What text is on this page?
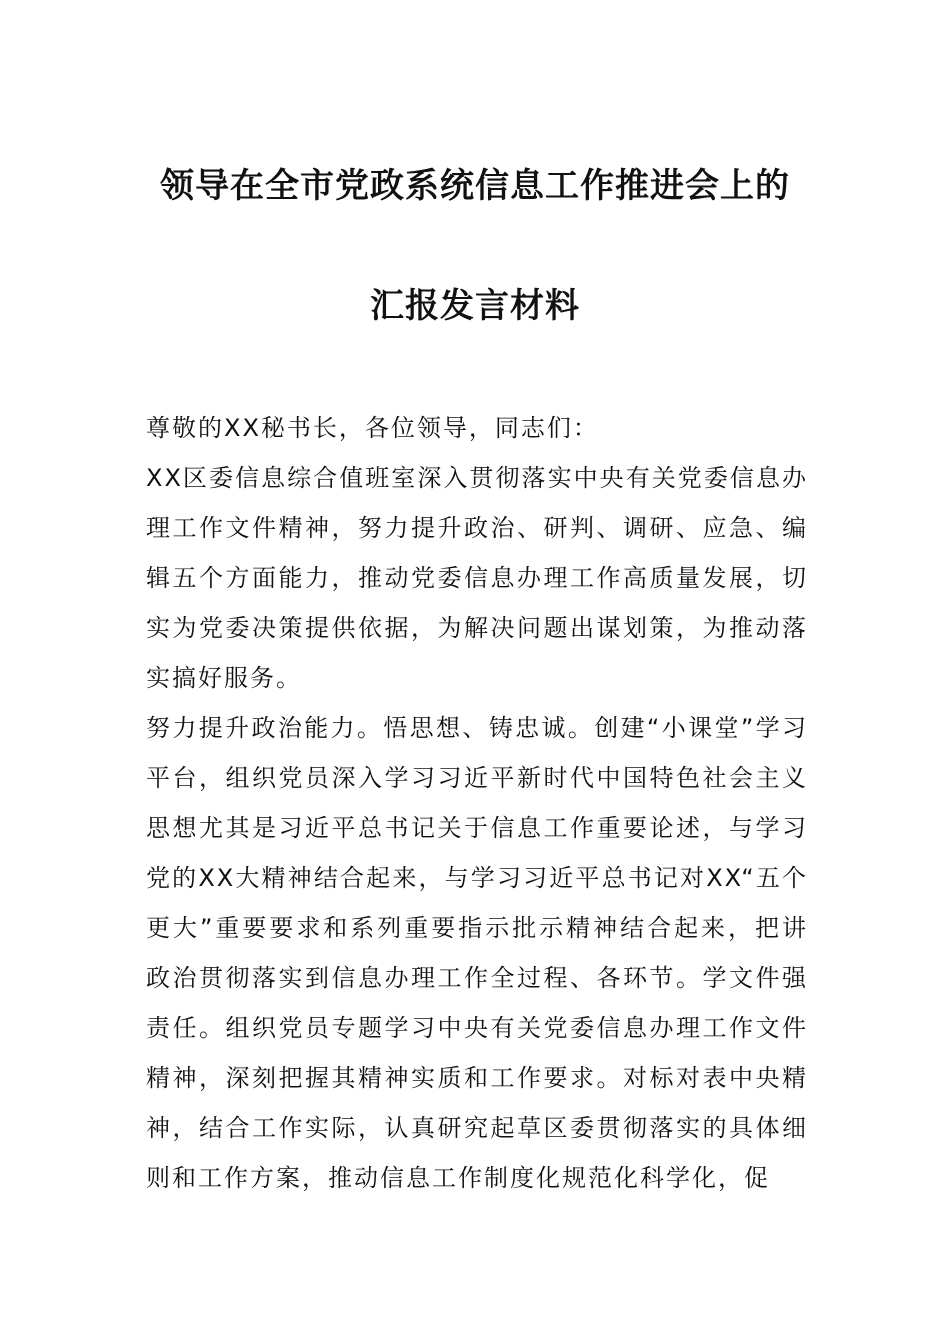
领导在全市党政系统信息工作推进会上的
汇报发言材料

尊敬的XX秘书长，各位领导，同志们：

XX区委信息综合值班室深入贯彻落实中央有关党委信息办理工作文件精神，努力提升政治、研判、调研、应急、编辑五个方面能力，推动党委信息办理工作高质量发展，切实为党委决策提供依据，为解决问题出谋划策，为推动落实搞好服务。

努力提升政治能力。悟思想、铸忠诚。创建“小课堂”学习平台，组织党员深入学习习近平新时代中国特色社会主义思想尤其是习近平总书记关于信息工作重要论述，与学习党的XX大精神结合起来，与学习习近平总书记对XX“五个更大”重要要求和系列重要指示批示精神结合起来，把讲政治贯彻落实到信息办理工作全过程、各环节。学文件强责任。组织党员专题学习中央有关党委信息办理工作文件精神，深刻把握其精神实质和工作要求。对标对表中央精神，结合工作实际，认真研究起草区委贯彻落实的具体细则和工作方案，推动信息工作制度化规范化科学化，促
